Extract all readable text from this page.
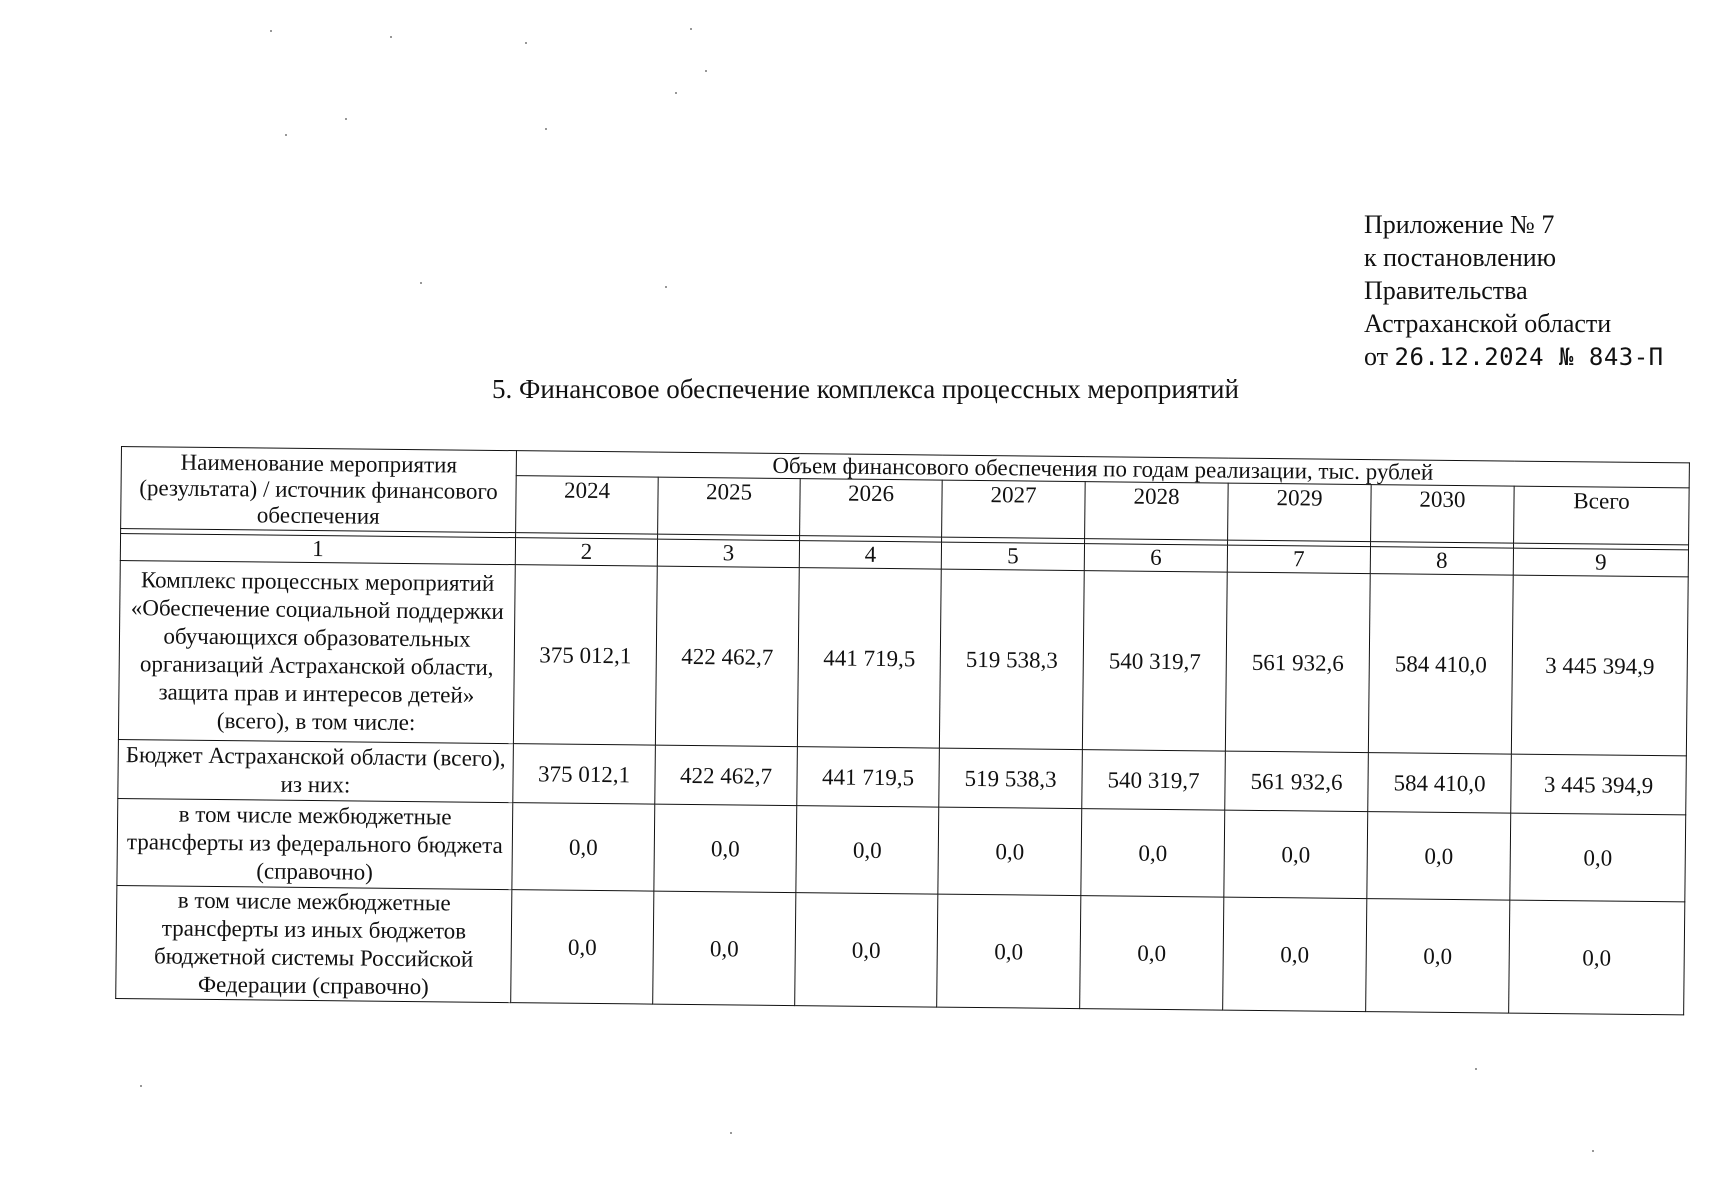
Приложение № 7
к постановлению
Правительства
Астраханской области
от 26.12.2024 № 843-П
5. Финансовое обеспечение комплекса процессных мероприятий
Наименование мероприятия (результата) / источник финансового обеспечения	Объем финансового обеспечения по годам реализации, тыс. рублей							
	2024	2025	2026	2027	2028	2029	2030	Всего

1	2	3	4	5	6	7	8	9
Комплекс процессных мероприятий «Обеспечение социальной поддержки обучающихся образовательных организаций Астраханской области, защита прав и интересов детей» (всего), в том числе:	375 012,1	422 462,7	441 719,5	519 538,3	540 319,7	561 932,6	584 410,0	3 445 394,9
Бюджет Астраханской области (всего), из них:	375 012,1	422 462,7	441 719,5	519 538,3	540 319,7	561 932,6	584 410,0	3 445 394,9
в том числе межбюджетные трансферты из федерального бюджета (справочно)	0,0	0,0	0,0	0,0	0,0	0,0	0,0	0,0
в том числе межбюджетные трансферты из иных бюджетов бюджетной системы Российской Федерации (справочно)	0,0	0,0	0,0	0,0	0,0	0,0	0,0	0,0
